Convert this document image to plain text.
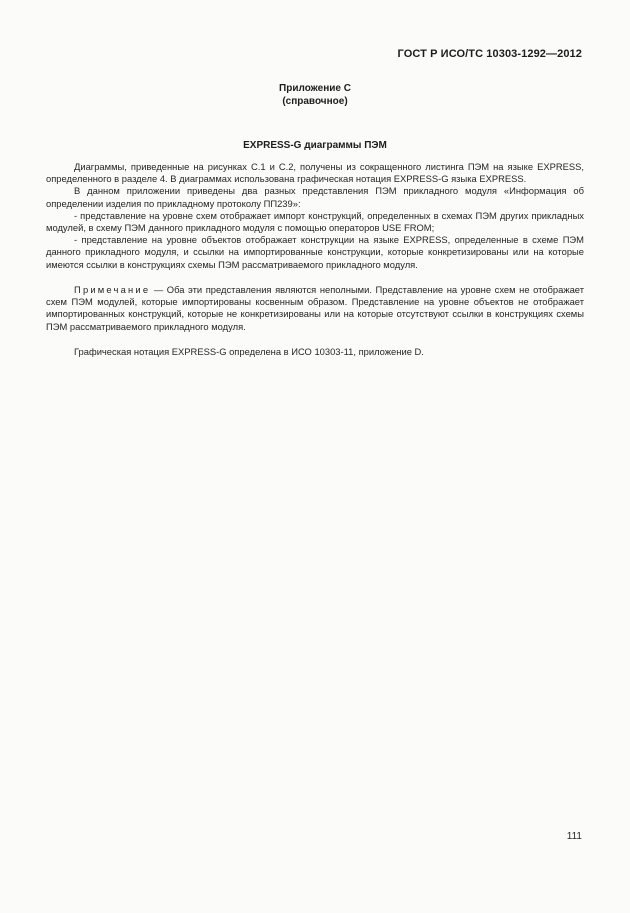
ГОСТ Р ИСО/ТС 10303-1292—2012
Приложение С
(справочное)
EXPRESS-G диаграммы ПЭМ

Диаграммы, приведенные на рисунках С.1 и С.2, получены из сокращенного листинга ПЭМ на языке EXPRESS, определенного в разделе 4. В диаграммах использована графическая нотация EXPRESS-G языка EXPRESS.

В данном приложении приведены два разных представления ПЭМ прикладного модуля «Информация об определении изделия по прикладному протоколу ПП239»:

- представление на уровне схем отображает импорт конструкций, определенных в схемах ПЭМ других прикладных модулей, в схему ПЭМ данного прикладного модуля с помощью операторов USE FROM;

- представление на уровне объектов отображает конструкции на языке EXPRESS, определенные в схеме ПЭМ данного прикладного модуля, и ссылки на импортированные конструкции, которые конкретизированы или на которые имеются ссылки в конструкциях схемы ПЭМ рассматриваемого прикладного модуля.

Примечание — Оба эти представления являются неполными. Представление на уровне схем не отображает схем ПЭМ модулей, которые импортированы косвенным образом. Представление на уровне объектов не отображает импортированных конструкций, которые не конкретизированы или на которые отсутствуют ссылки в конструкциях схемы ПЭМ рассматриваемого прикладного модуля.

Графическая нотация EXPRESS-G определена в ИСО 10303-11, приложение D.

111
